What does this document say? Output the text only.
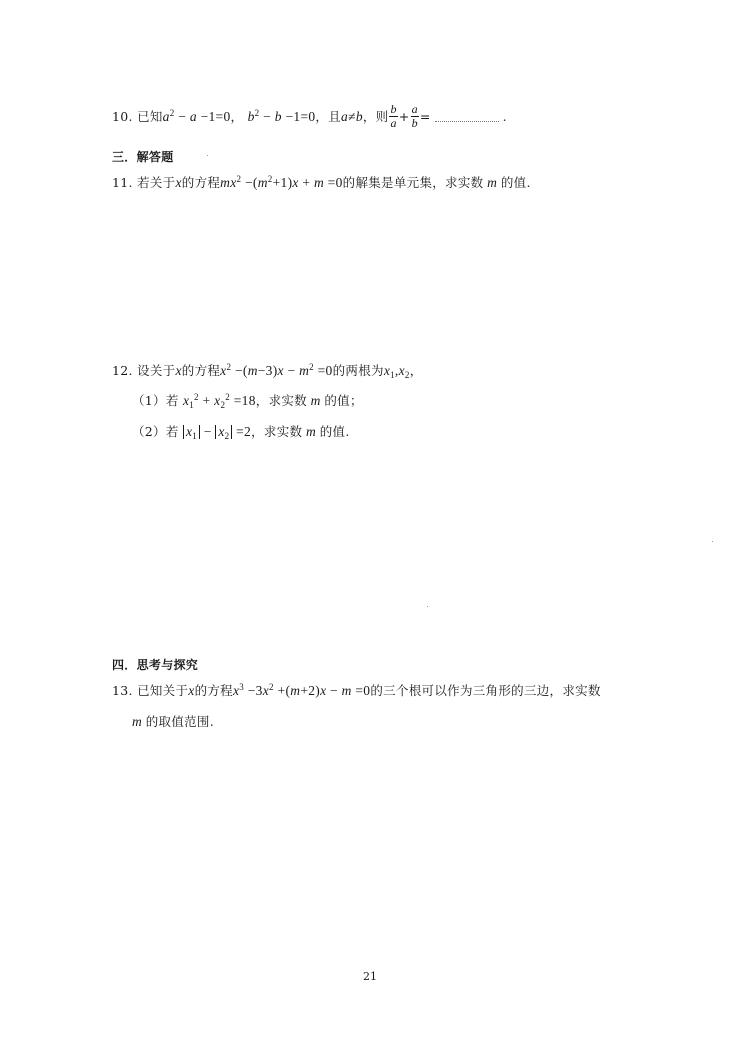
10. 已知$a^2 - a -1=0$， $b^2 - b -1=0$，且a≠b，则 $\frac{b}{a} + \frac{a}{b}$ =	.
三．解答题
11. 若关于x的方程$mx^2 -(m^2+1)x + m =0$的解集是单元集，求实数 m 的值.
12. 设关于x的方程$x^2 -(m-3)x - m^2 =0$的两根为$x_1,x_2$，
（1）若 $x_1^2 + x_2^2 =18$，求实数 m 的值；
（2）若 $x_1 - x_2 =2$，求实数 m 的值.
四．思考与探究
13. 已知关于x的方程$x^3 -3x^2 +(m+2)x - m =0$的三个根可以作为三角形的三边，求实数
m 的取值范围.
21
